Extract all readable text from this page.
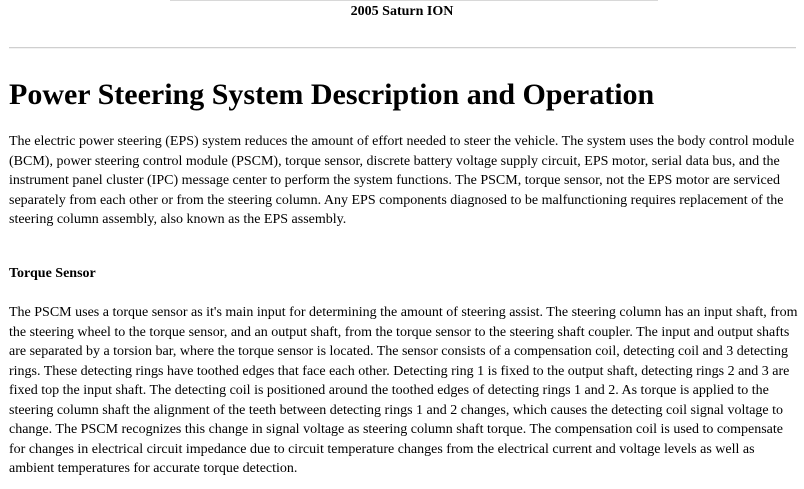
2005 Saturn ION
Power Steering System Description and Operation

The electric power steering (EPS) system reduces the amount of effort needed to steer the vehicle. The system uses the body control module (BCM), power steering control module (PSCM), torque sensor, discrete battery voltage supply circuit, EPS motor, serial data bus, and the instrument panel cluster (IPC) message center to perform the system functions. The PSCM, torque sensor, not the EPS motor are serviced separately from each other or from the steering column. Any EPS components diagnosed to be malfunctioning requires replacement of the steering column assembly, also known as the EPS assembly.

Torque Sensor

The PSCM uses a torque sensor as it's main input for determining the amount of steering assist. The steering column has an input shaft, from the steering wheel to the torque sensor, and an output shaft, from the torque sensor to the steering shaft coupler. The input and output shafts are separated by a torsion bar, where the torque sensor is located. The sensor consists of a compensation coil, detecting coil and 3 detecting rings. These detecting rings have toothed edges that face each other. Detecting ring 1 is fixed to the output shaft, detecting rings 2 and 3 are fixed top the input shaft. The detecting coil is positioned around the toothed edges of detecting rings 1 and 2. As torque is applied to the steering column shaft the alignment of the teeth between detecting rings 1 and 2 changes, which causes the detecting coil signal voltage to change. The PSCM recognizes this change in signal voltage as steering column shaft torque. The compensation coil is used to compensate for changes in electrical circuit impedance due to circuit temperature changes from the electrical current and voltage levels as well as ambient temperatures for accurate torque detection.
